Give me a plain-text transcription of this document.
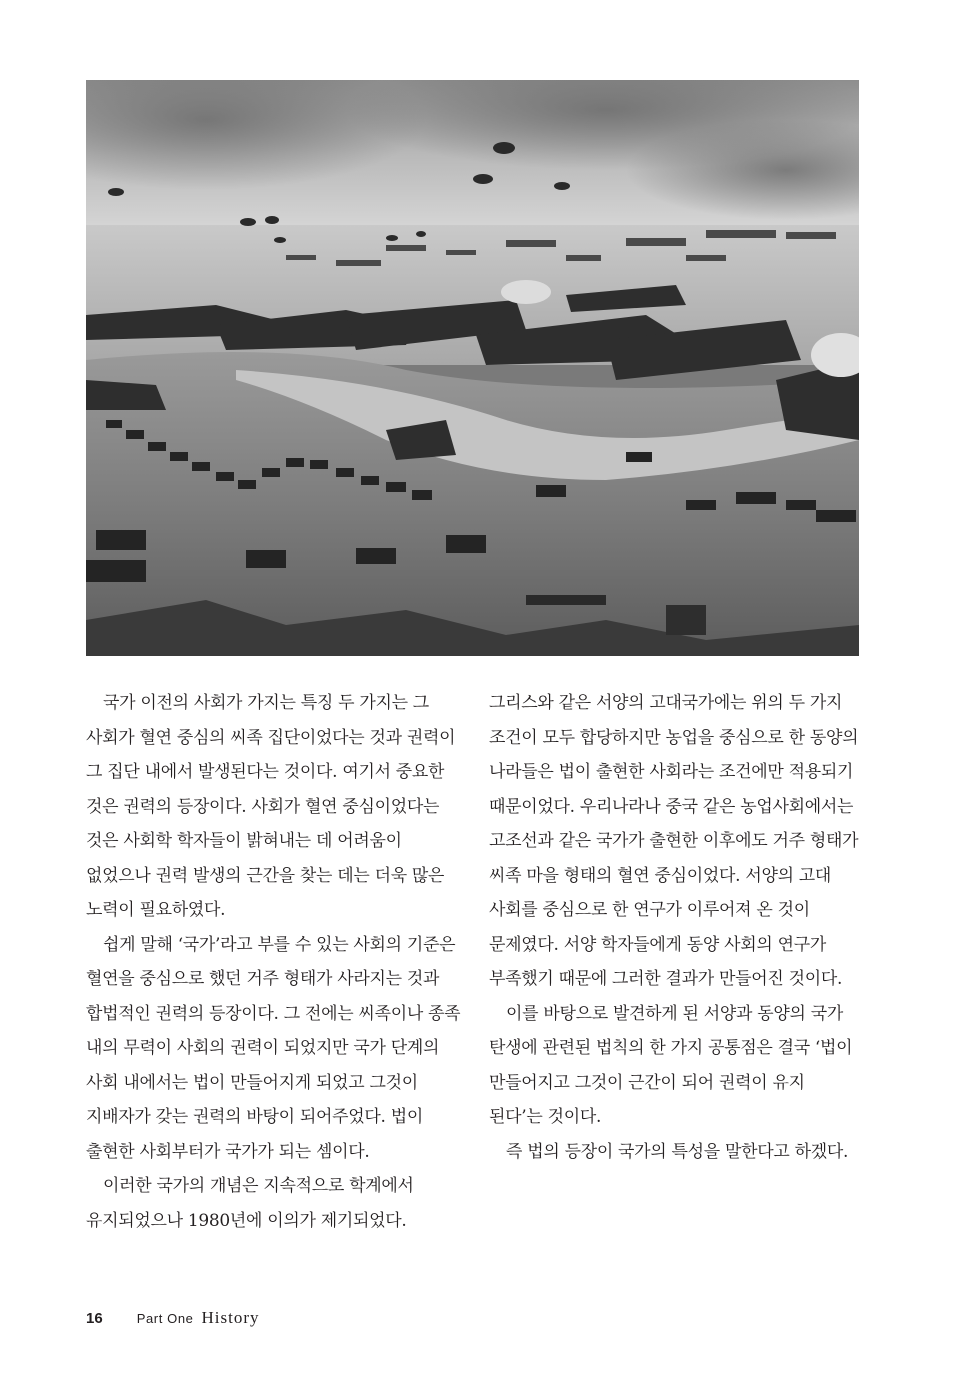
국가 이전의 사회가 가지는 특징 두 가지는 그 사회가 혈연 중심의 씨족 집단이었다는 것과 권력이 그 집단 내에서 발생된다는 것이다. 여기서 중요한 것은 권력의 등장이다. 사회가 혈연 중심이었다는 것은 사회학 학자들이 밝혀내는 데 어려움이 없었으나 권력 발생의 근간을 찾는 데는 더욱 많은 노력이 필요하였다.

쉽게 말해 ‘국가’라고 부를 수 있는 사회의 기준은 혈연을 중심으로 했던 거주 형태가 사라지는 것과 합법적인 권력의 등장이다. 그 전에는 씨족이나 종족 내의 무력이 사회의 권력이 되었지만 국가 단계의 사회 내에서는 법이 만들어지게 되었고 그것이 지배자가 갖는 권력의 바탕이 되어주었다. 법이 출현한 사회부터가 국가가 되는 셈이다.

이러한 국가의 개념은 지속적으로 학계에서 유지되었으나 1980년에 이의가 제기되었다.

그리스와 같은 서양의 고대국가에는 위의 두 가지 조건이 모두 합당하지만 농업을 중심으로 한 동양의 나라들은 법이 출현한 사회라는 조건에만 적용되기 때문이었다. 우리나라나 중국 같은 농업사회에서는 고조선과 같은 국가가 출현한 이후에도 거주 형태가 씨족 마을 형태의 혈연 중심이었다. 서양의 고대 사회를 중심으로 한 연구가 이루어져 온 것이 문제였다. 서양 학자들에게 동양 사회의 연구가 부족했기 때문에 그러한 결과가 만들어진 것이다.

이를 바탕으로 발견하게 된 서양과 동양의 국가 탄생에 관련된 법칙의 한 가지 공통점은 결국 ‘법이 만들어지고 그것이 근간이 되어 권력이 유지 된다’는 것이다.

즉 법의 등장이 국가의 특성을 말한다고 하겠다.

16	Part One History
